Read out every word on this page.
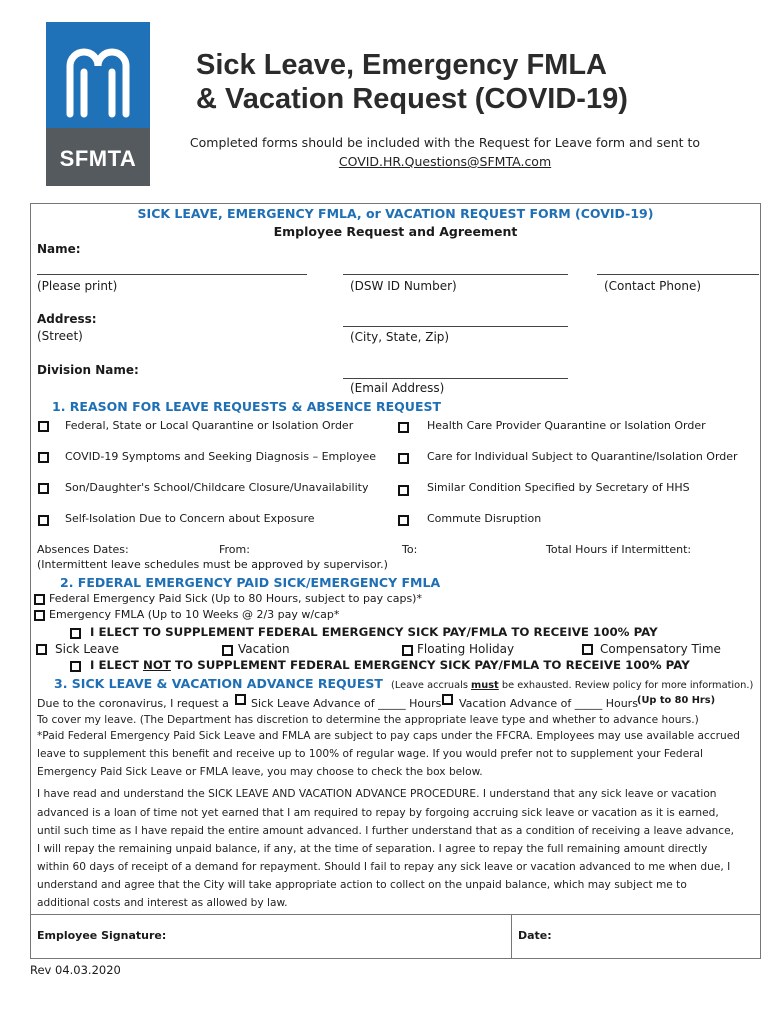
SFMTA
Sick Leave, Emergency FMLA
& Vacation Request (COVID-19)
Completed forms should be included with the Request for Leave form and sent to
COVID.HR.Questions@SFMTA.com
SICK LEAVE, EMERGENCY FMLA, or VACATION REQUEST FORM (COVID-19)
Employee Request and Agreement
Name:
(Please print)	(DSW ID Number)	(Contact Phone)
Address:
(Street)	(City, State, Zip)
Division Name:
(Email Address)
1. REASON FOR LEAVE REQUESTS & ABSENCE REQUEST
Federal, State or Local Quarantine or Isolation Order	Health Care Provider Quarantine or Isolation Order
COVID-19 Symptoms and Seeking Diagnosis – Employee	Care for Individual Subject to Quarantine/Isolation Order
Son/Daughter's School/Childcare Closure/Unavailability	Similar Condition Specified by Secretary of HHS
Self-Isolation Due to Concern about Exposure	Commute Disruption
Absences Dates:	From:	To:	Total Hours if Intermittent:
(Intermittent leave schedules must be approved by supervisor.)
2. FEDERAL EMERGENCY PAID SICK/EMERGENCY FMLA
Federal Emergency Paid Sick (Up to 80 Hours, subject to pay caps)*
Emergency FMLA (Up to 10 Weeks @ 2/3 pay w/cap*
I ELECT TO SUPPLEMENT FEDERAL EMERGENCY SICK PAY/FMLA TO RECEIVE 100% PAY
Sick Leave	Vacation	Floating Holiday	Compensatory Time
I ELECT NOT TO SUPPLEMENT FEDERAL EMERGENCY SICK PAY/FMLA TO RECEIVE 100% PAY
3. SICK LEAVE & VACATION ADVANCE REQUEST (Leave accruals must be exhausted. Review policy for more information.)
Due to the coronavirus, I request a Sick Leave Advance of _____ Hours Vacation Advance of _____ Hours (Up to 80 Hrs)
To cover my leave. (The Department has discretion to determine the appropriate leave type and whether to advance hours.)
*Paid Federal Emergency Paid Sick Leave and FMLA are subject to pay caps under the FFCRA. Employees may use available accrued
leave to supplement this benefit and receive up to 100% of regular wage. If you would prefer not to supplement your Federal
Emergency Paid Sick Leave or FMLA leave, you may choose to check the box below.
I have read and understand the SICK LEAVE AND VACATION ADVANCE PROCEDURE. I understand that any sick leave or vacation
advanced is a loan of time not yet earned that I am required to repay by forgoing accruing sick leave or vacation as it is earned,
until such time as I have repaid the entire amount advanced. I further understand that as a condition of receiving a leave advance,
I will repay the remaining unpaid balance, if any, at the time of separation. I agree to repay the full remaining amount directly
within 60 days of receipt of a demand for repayment. Should I fail to repay any sick leave or vacation advanced to me when due, I
understand and agree that the City will take appropriate action to collect on the unpaid balance, which may subject me to
additional costs and interest as allowed by law.
Employee Signature:	Date:
Rev 04.03.2020
